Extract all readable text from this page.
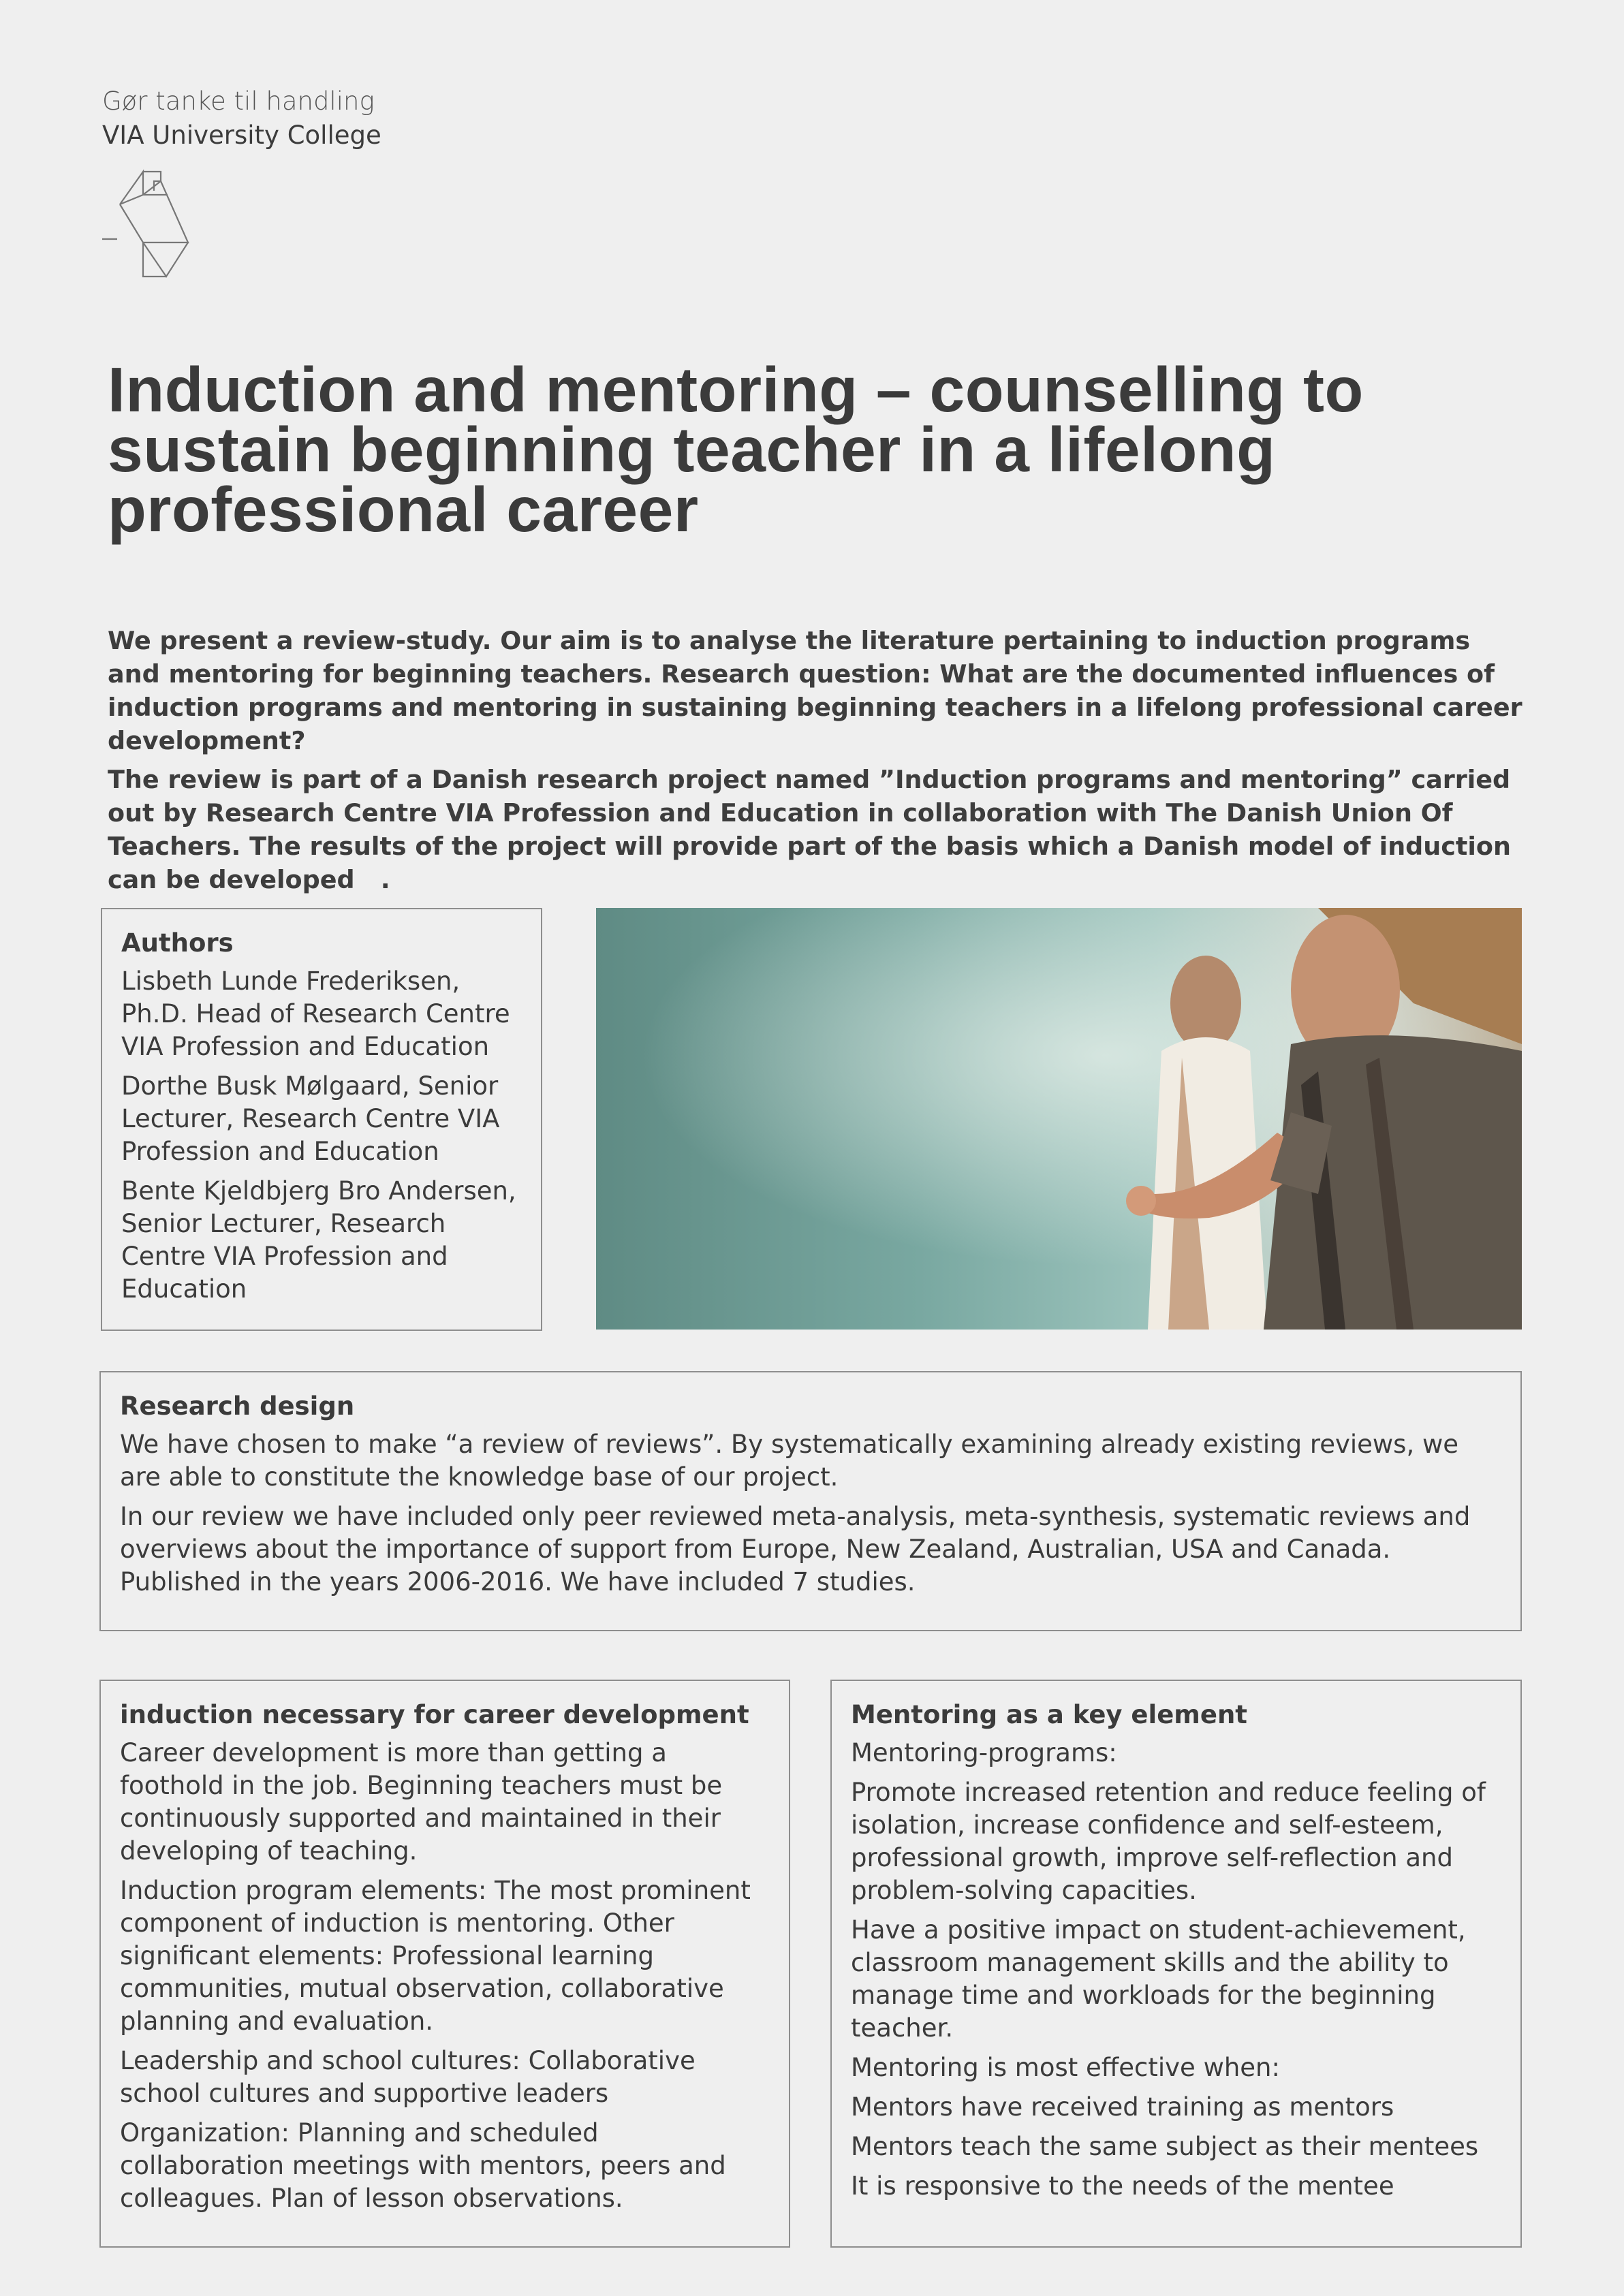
Gør tanke til handling
VIA University College
Induction and mentoring – counselling to sustain beginning teacher in a lifelong professional career

We present a review-study. Our aim is to analyse the literature pertaining to induction programs and mentoring for beginning teachers. Research question: What are the documented influences of induction programs and mentoring in sustaining beginning teachers in a lifelong professional career development?

The review is part of a Danish research project named ”Induction programs and mentoring” carried out by Research Centre VIA Profession and Education in collaboration with The Danish Union Of Teachers. The results of the project will provide part of the basis which a Danish model of induction can be developed   .

Authors

Lisbeth Lunde Frederiksen, Ph.D. Head of Research Centre VIA Profession and Education

Dorthe Busk Mølgaard, Senior Lecturer, Research Centre VIA Profession and Education

Bente Kjeldbjerg Bro Andersen, Senior Lecturer, Research Centre VIA Profession and Education

Research design

We have chosen to make “a review of reviews”. By systematically examining already existing reviews, we are able to constitute the knowledge base of our project.

In our review we have included only peer reviewed meta-analysis, meta-synthesis, systematic reviews and overviews about the importance of support from Europe, New Zealand, Australian, USA and Canada. Published in the years 2006-2016. We have included 7 studies.

induction necessary for career development

Career development is more than getting a foothold in the job. Beginning teachers must be continuously supported and maintained in their developing of teaching.

Induction program elements: The most prominent component of induction is mentoring. Other significant elements: Professional learning communities, mutual observation, collaborative planning and evaluation.

Leadership and school cultures: Collaborative school cultures and supportive leaders

Organization: Planning and scheduled collaboration meetings with mentors, peers and colleagues. Plan of lesson observations.

Mentoring as a key element

Mentoring-programs:

Promote increased retention and reduce feeling of isolation, increase confidence and self-esteem, professional growth, improve self-reflection and problem-solving capacities.

Have a positive impact on student-achievement, classroom management skills and the ability to manage time and workloads for the beginning teacher.

Mentoring is most effective when:

Mentors have received training as mentors

Mentors teach the same subject as their mentees

It is responsive to the needs of the mentee
